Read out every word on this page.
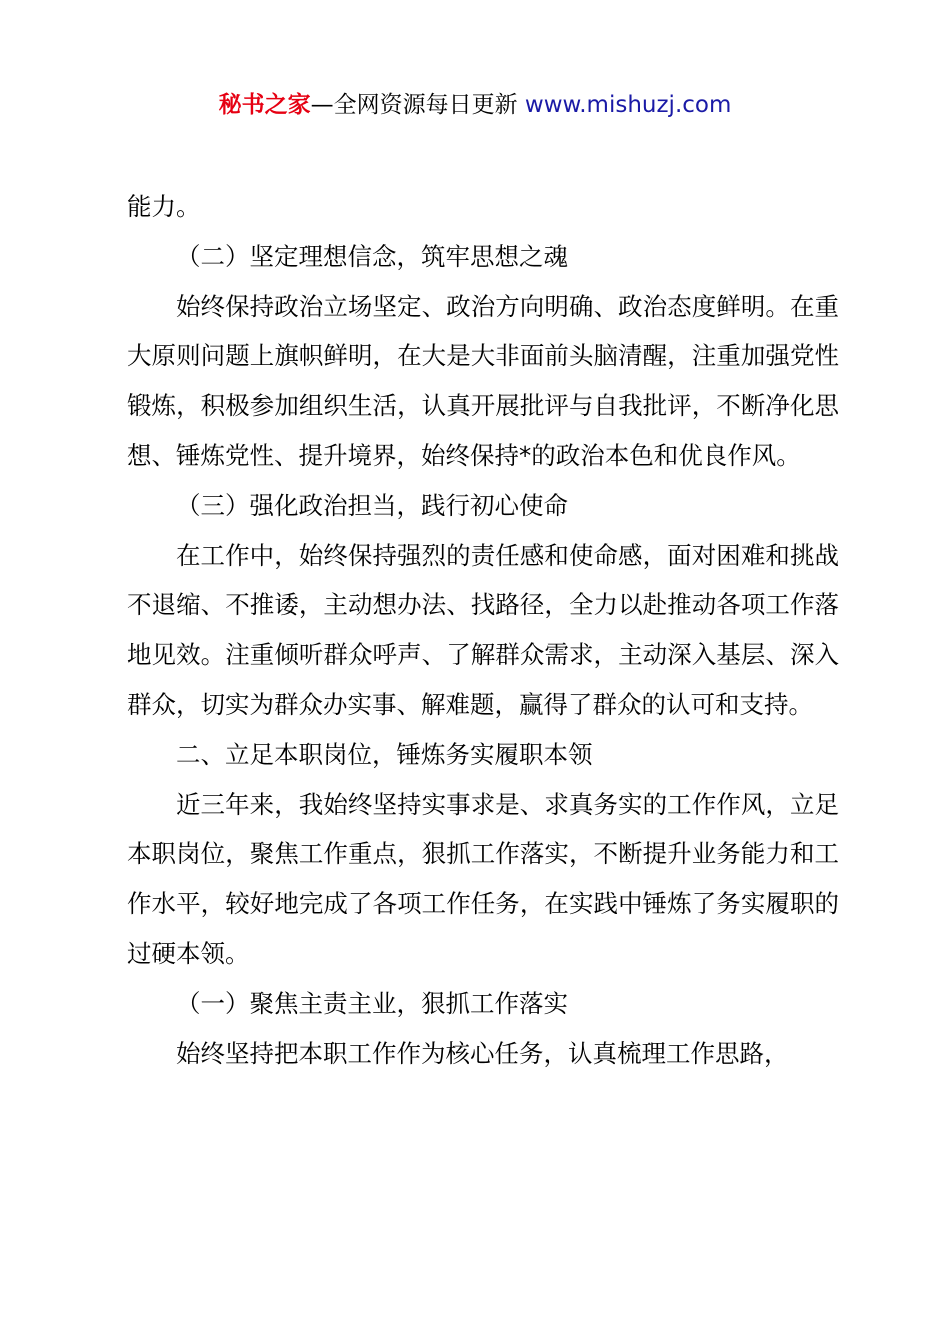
秘书之家—全网资源每日更新 www.mishuzj.com

能力。

（二）坚定理想信念，筑牢思想之魂

始终保持政治立场坚定、政治方向明确、政治态度鲜明。在重大原则问题上旗帜鲜明，在大是大非面前头脑清醒，注重加强党性锻炼，积极参加组织生活，认真开展批评与自我批评，不断净化思想、锤炼党性、提升境界，始终保持*的政治本色和优良作风。

（三）强化政治担当，践行初心使命

在工作中，始终保持强烈的责任感和使命感，面对困难和挑战不退缩、不推诿，主动想办法、找路径，全力以赴推动各项工作落地见效。注重倾听群众呼声、了解群众需求，主动深入基层、深入群众，切实为群众办实事、解难题，赢得了群众的认可和支持。

二、立足本职岗位，锤炼务实履职本领

近三年来，我始终坚持实事求是、求真务实的工作作风，立足本职岗位，聚焦工作重点，狠抓工作落实，不断提升业务能力和工作水平，较好地完成了各项工作任务，在实践中锤炼了务实履职的过硬本领。

（一）聚焦主责主业，狠抓工作落实

始终坚持把本职工作作为核心任务，认真梳理工作思路，
